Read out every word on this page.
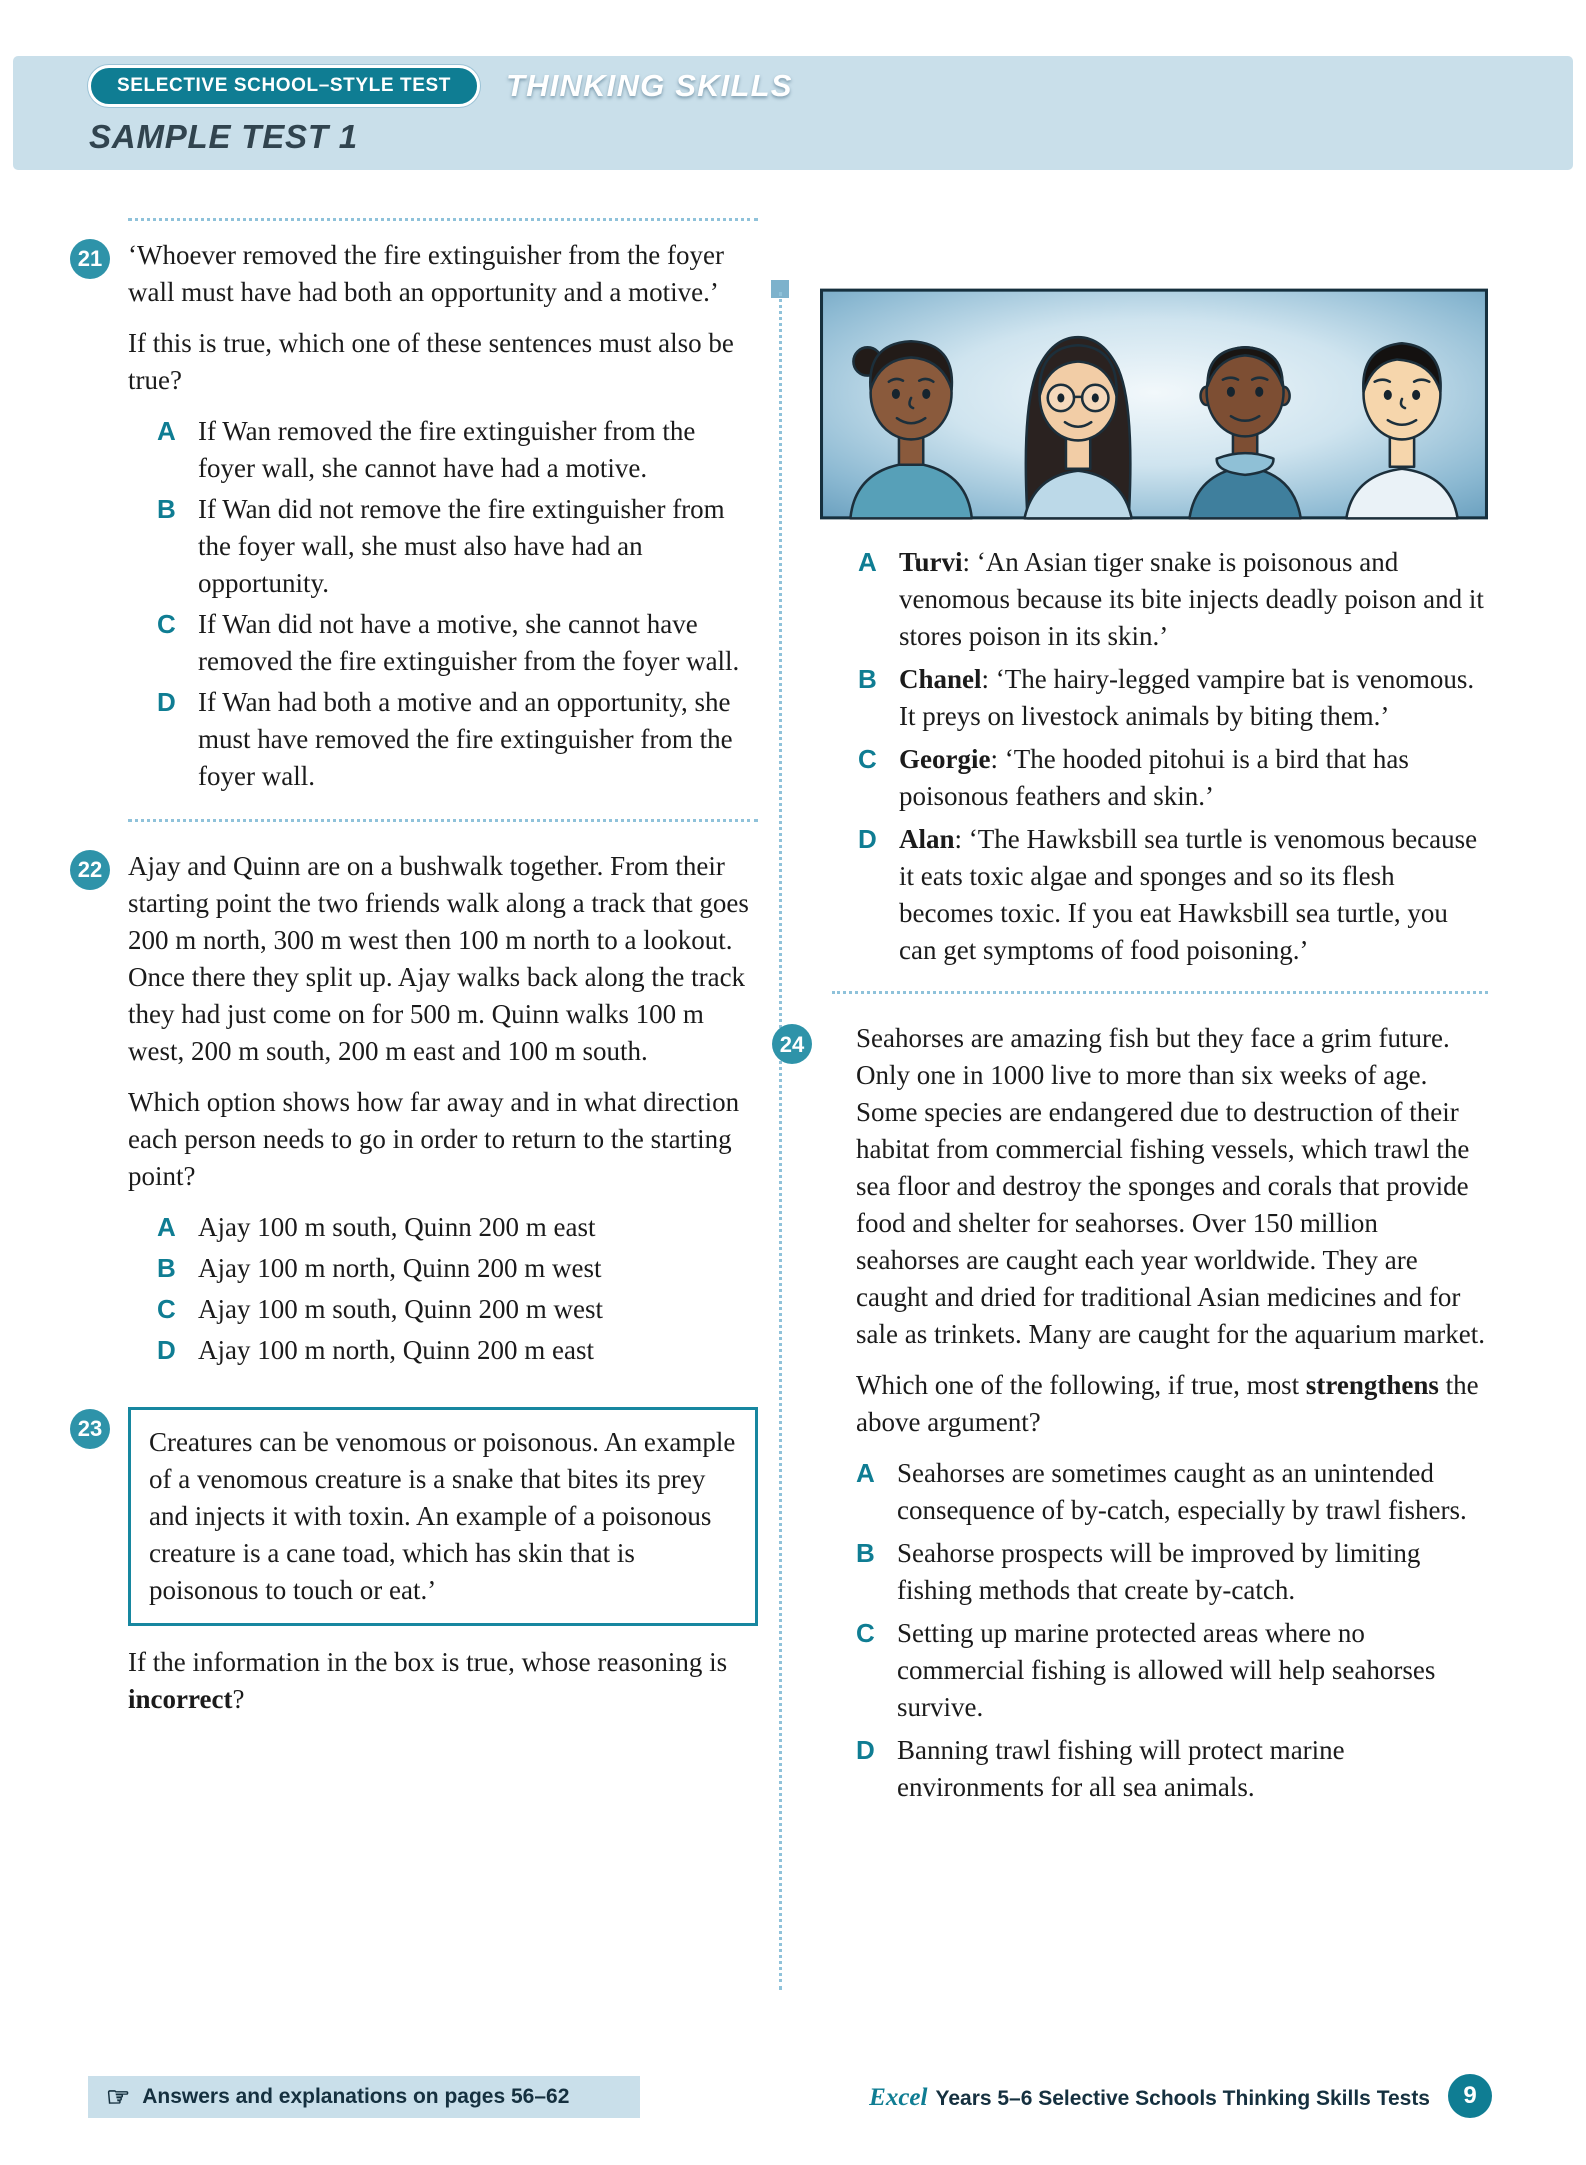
SELECTIVE SCHOOL–STYLE TEST	THINKING SKILLS
SAMPLE TEST 1
21 ‘Whoever removed the fire extinguisher from the foyer wall must have had both an opportunity and a motive.’

If this is true, which one of these sentences must also be true?

A If Wan removed the fire extinguisher from the foyer wall, she cannot have had a motive.
B If Wan did not remove the fire extinguisher from the foyer wall, she must also have had an opportunity.
C If Wan did not have a motive, she cannot have removed the fire extinguisher from the foyer wall.
D If Wan had both a motive and an opportunity, she must have removed the fire extinguisher from the foyer wall.
22 Ajay and Quinn are on a bushwalk together. From their starting point the two friends walk along a track that goes 200 m north, 300 m west then 100 m north to a lookout. Once there they split up. Ajay walks back along the track they had just come on for 500 m. Quinn walks 100 m west, 200 m south, 200 m east and 100 m south.

Which option shows how far away and in what direction each person needs to go in order to return to the starting point?

A Ajay 100 m south, Quinn 200 m east
B Ajay 100 m north, Quinn 200 m west
C Ajay 100 m south, Quinn 200 m west
D Ajay 100 m north, Quinn 200 m east
23	Creatures can be venomous or poisonous. An example of a venomous creature is a snake that bites its prey and injects it with toxin. An example of a poisonous creature is a cane toad, which has skin that is poisonous to touch or eat.’

If the information in the box is true, whose reasoning is incorrect?

A Turvi: ‘An Asian tiger snake is poisonous and venomous because its bite injects deadly poison and it stores poison in its skin.’
B Chanel: ‘The hairy-legged vampire bat is venomous. It preys on livestock animals by biting them.’
C Georgie: ‘The hooded pitohui is a bird that has poisonous feathers and skin.’
D Alan: ‘The Hawksbill sea turtle is venomous because it eats toxic algae and sponges and so its flesh becomes toxic. If you eat Hawksbill sea turtle, you can get symptoms of food poisoning.’
24 Seahorses are amazing fish but they face a grim future. Only one in 1000 live to more than six weeks of age. Some species are endangered due to destruction of their habitat from commercial fishing vessels, which trawl the sea floor and destroy the sponges and corals that provide food and shelter for seahorses. Over 150 million seahorses are caught each year worldwide. They are caught and dried for traditional Asian medicines and for sale as trinkets. Many are caught for the aquarium market.

Which one of the following, if true, most strengthens the above argument?

A Seahorses are sometimes caught as an unintended consequence of by-catch, especially by trawl fishers.
B Seahorse prospects will be improved by limiting fishing methods that create by-catch.
C Setting up marine protected areas where no commercial fishing is allowed will help seahorses survive.
D Banning trawl fishing will protect marine environments for all sea animals.
☞ Answers and explanations on pages 56–62	Excel Years 5–6 Selective Schools Thinking Skills Tests	9
